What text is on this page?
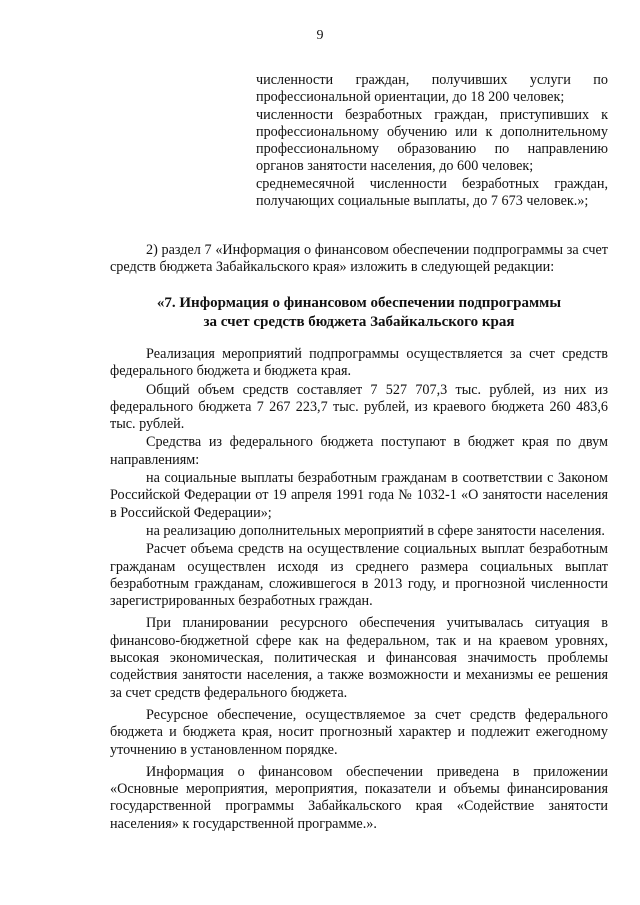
9

численности граждан, получивших услуги по профессиональной ориентации, до 18 200 человек;

численности безработных граждан, приступивших к профессиональному обучению или к дополнительному профессиональному образованию по направлению органов занятости населения, до 600 человек;

среднемесячной численности безработных граждан, получающих социальные выплаты, до 7 673 человек.»;

2) раздел 7 «Информация о финансовом обеспечении подпрограммы за счет средств бюджета Забайкальского края» изложить в следующей редакции:

«7. Информация о финансовом обеспечении подпрограммы
за счет средств бюджета Забайкальского края

Реализация мероприятий подпрограммы осуществляется за счет средств федерального бюджета и бюджета края.

Общий объем средств составляет 7 527 707,3 тыс. рублей, из них из федерального бюджета 7 267 223,7 тыс. рублей, из краевого бюджета 260 483,6 тыс. рублей.

Средства из федерального бюджета поступают в бюджет края по двум направлениям:

на социальные выплаты безработным гражданам в соответствии с Законом Российской Федерации от 19 апреля 1991 года № 1032-1 «О занятости населения в Российской Федерации»;

на реализацию дополнительных мероприятий в сфере занятости населения.

Расчет объема средств на осуществление социальных выплат безработным гражданам осуществлен исходя из среднего размера социальных выплат безработным гражданам, сложившегося в 2013 году, и прогнозной численности зарегистрированных безработных граждан.

При планировании ресурсного обеспечения учитывалась ситуация в финансово-бюджетной сфере как на федеральном, так и на краевом уровнях, высокая экономическая, политическая и финансовая значимость проблемы содействия занятости населения, а также возможности и механизмы ее решения за счет средств федерального бюджета.

Ресурсное обеспечение, осуществляемое за счет средств федерального бюджета и бюджета края, носит прогнозный характер и подлежит ежегодному уточнению в установленном порядке.

Информация о финансовом обеспечении приведена в приложении «Основные мероприятия, мероприятия, показатели и объемы финансирования государственной программы Забайкальского края «Содействие занятости населения» к государственной программе.».
